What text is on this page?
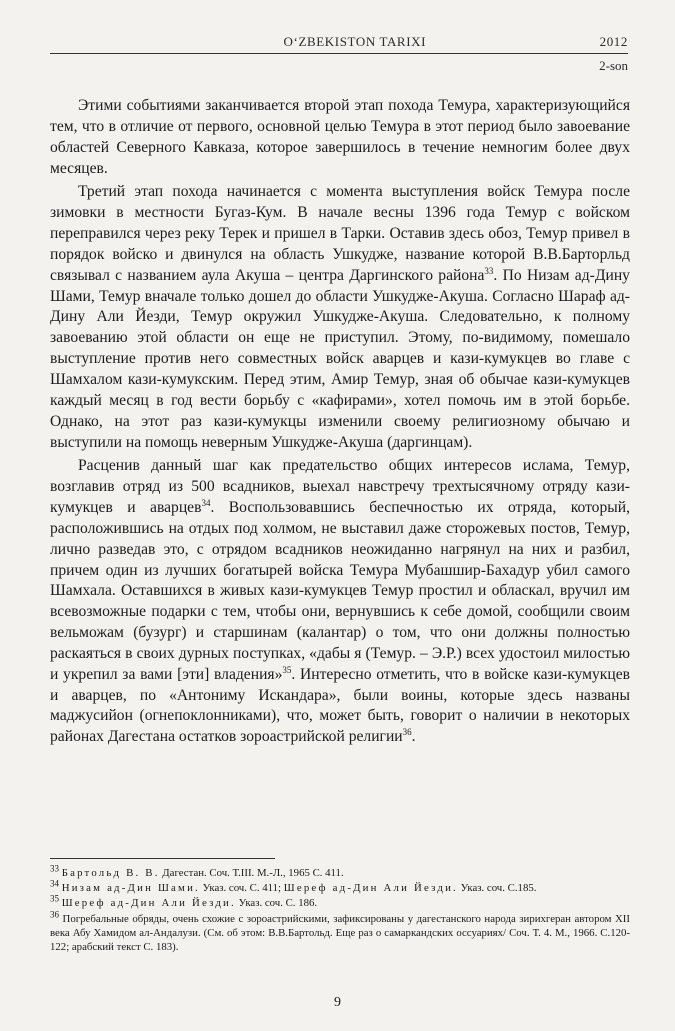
O‘ZBEKISTON TARIXI	2012
2-son

Этими событиями заканчивается второй этап похода Темура, характеризующийся тем, что в отличие от первого, основной целью Темура в этот период было завоевание областей Северного Кавказа, которое завершилось в течение немногим более двух месяцев.

Третий этап похода начинается с момента выступления войск Темура после зимовки в местности Бугаз-Кум. В начале весны 1396 года Темур с войском переправился через реку Терек и пришел в Тарки. Оставив здесь обоз, Темур привел в порядок войско и двинулся на область Ушкудже, название которой В.В.Барторльд связывал с названием аула Акуша – центра Даргинского района$^{33}$. По Низам ад-Дину Шами, Темур вначале только дошел до области Ушкудже-Акуша. Согласно Шараф ад-Дину Али Йезди, Темур окружил Ушкудже-Акуша. Следовательно, к полному завоеванию этой области он еще не приступил. Этому, по-видимому, помешало выступление против него совместных войск аварцев и кази-кумукцев во главе с Шамхалом кази-кумукским. Перед этим, Амир Темур, зная об обычае кази-кумукцев каждый месяц в год вести борьбу с «кафирами», хотел помочь им в этой борьбе. Однако, на этот раз кази-кумукцы изменили своему религиозному обычаю и выступили на помощь неверным Ушкудже-Акуша (даргинцам).

Расценив данный шаг как предательство общих интересов ислама, Темур, возглавив отряд из 500 всадников, выехал навстречу трехтысячному отряду кази-кумукцев и аварцев$^{34}$. Воспользовавшись беспечностью их отряда, который, расположившись на отдых под холмом, не выставил даже сторожевых постов, Темур, лично разведав это, с отрядом всадников неожиданно нагрянул на них и разбил, причем один из лучших богатырей войска Темура Мубашшир-Бахадур убил самого Шамхала. Оставшихся в живых кази-кумукцев Темур простил и обласкал, вручил им всевозможные подарки с тем, чтобы они, вернувшись к себе домой, сообщили своим вельможам (бузург) и старшинам (калантар) о том, что они должны полностью раскаяться в своих дурных поступках, «дабы я (Темур. – Э.Р.) всех удостоил милостью и укрепил за вами [эти] владения»$^{35}$. Интересно отметить, что в войске кази-кумукцев и аварцев, по «Антониму Искандара», были воины, которые здесь названы маджусийон (огнепоклонниками), что, может быть, говорит о наличии в некоторых районах Дагестана остатков зороастрийской религии$^{36}$.

$^{33}$ Бартольд В. В. Дагестан. Соч. Т.III. М.-Л., 1965 С. 411.

$^{34}$ Низам ад-Дин Шами. Указ. соч. С. 411; Шереф ад-Дин Али Йезди. Указ. соч. С.185.

$^{35}$ Шереф ад-Дин Али Йезди. Указ. соч. С. 186.

$^{36}$ Погребальные обряды, очень схожие с зороастрийскими, зафиксированы у дагестанского народа зирихгеран автором XII века Абу Хамидом ал-Андалузи. (См. об этом: В.В.Бартольд. Еще раз о самаркандских оссуариях/ Соч. Т. 4. М., 1966. С.120-122; арабский текст С. 183).

9
